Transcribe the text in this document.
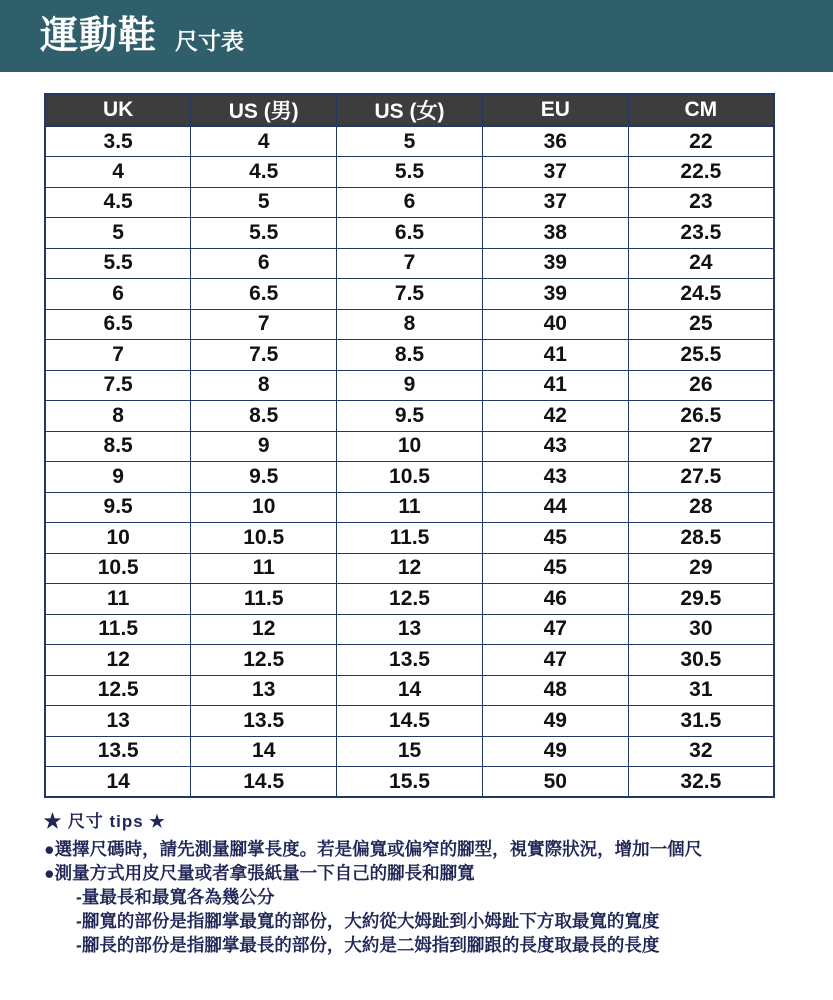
運動鞋 尺寸表
UK	US (男)	US (女)	EU	CM
3.5	4	5	36	22
4	4.5	5.5	37	22.5
4.5	5	6	37	23
5	5.5	6.5	38	23.5
5.5	6	7	39	24
6	6.5	7.5	39	24.5
6.5	7	8	40	25
7	7.5	8.5	41	25.5
7.5	8	9	41	26
8	8.5	9.5	42	26.5
8.5	9	10	43	27
9	9.5	10.5	43	27.5
9.5	10	11	44	28
10	10.5	11.5	45	28.5
10.5	11	12	45	29
11	11.5	12.5	46	29.5
11.5	12	13	47	30
12	12.5	13.5	47	30.5
12.5	13	14	48	31
13	13.5	14.5	49	31.5
13.5	14	15	49	32
14	14.5	15.5	50	32.5
★ 尺寸 tips ★
●選擇尺碼時，請先測量腳掌長度。若是偏寬或偏窄的腳型，視實際狀況，增加一個尺
●測量方式用皮尺量或者拿張紙量一下自己的腳長和腳寬
-量最長和最寬各為幾公分
-腳寬的部份是指腳掌最寬的部份，大約從大姆趾到小姆趾下方取最寬的寬度
-腳長的部份是指腳掌最長的部份，大約是二姆指到腳跟的長度取最長的長度
